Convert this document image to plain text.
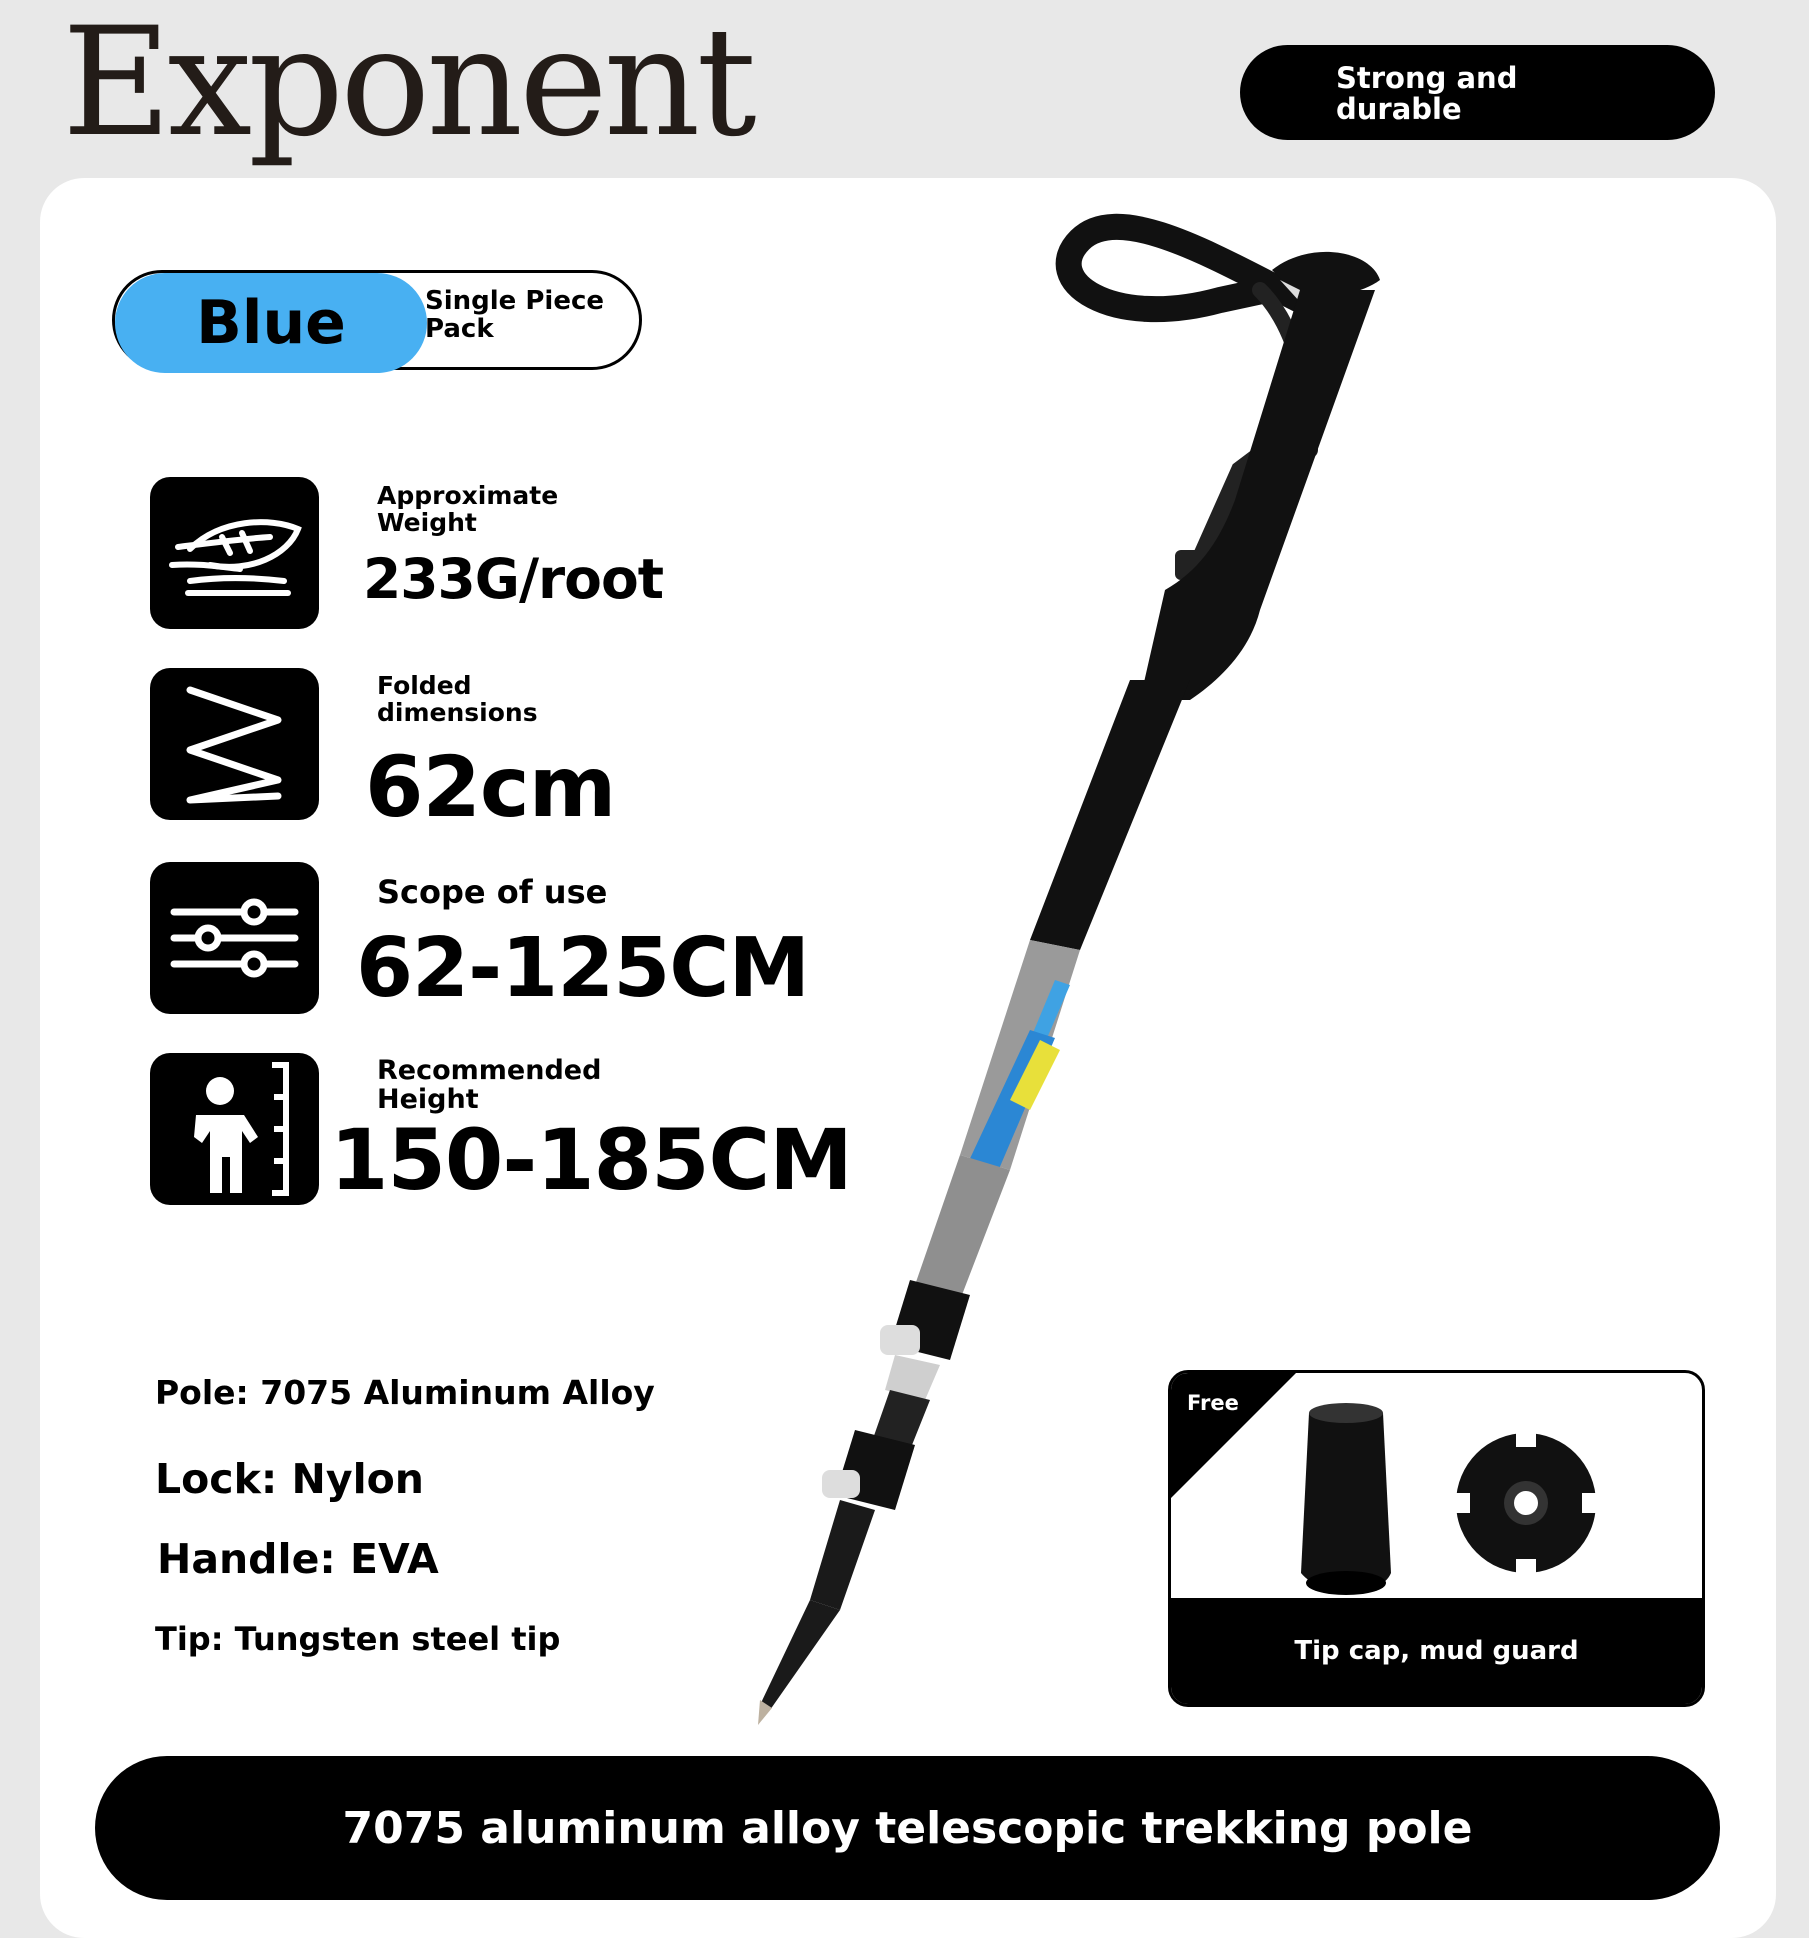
Exponent	Strong and
durable
Blue	Single Piece
Pack
Approximate
Weight
233G/root
Folded
dimensions
62cm
Scope of use
62-125CM
Recommended
Height
150-185CM
Pole: 7075 Aluminum Alloy
Lock: Nylon
Handle: EVA
Tip: Tungsten steel tip
Free
Tip cap, mud guard
7075 aluminum alloy telescopic trekking pole
